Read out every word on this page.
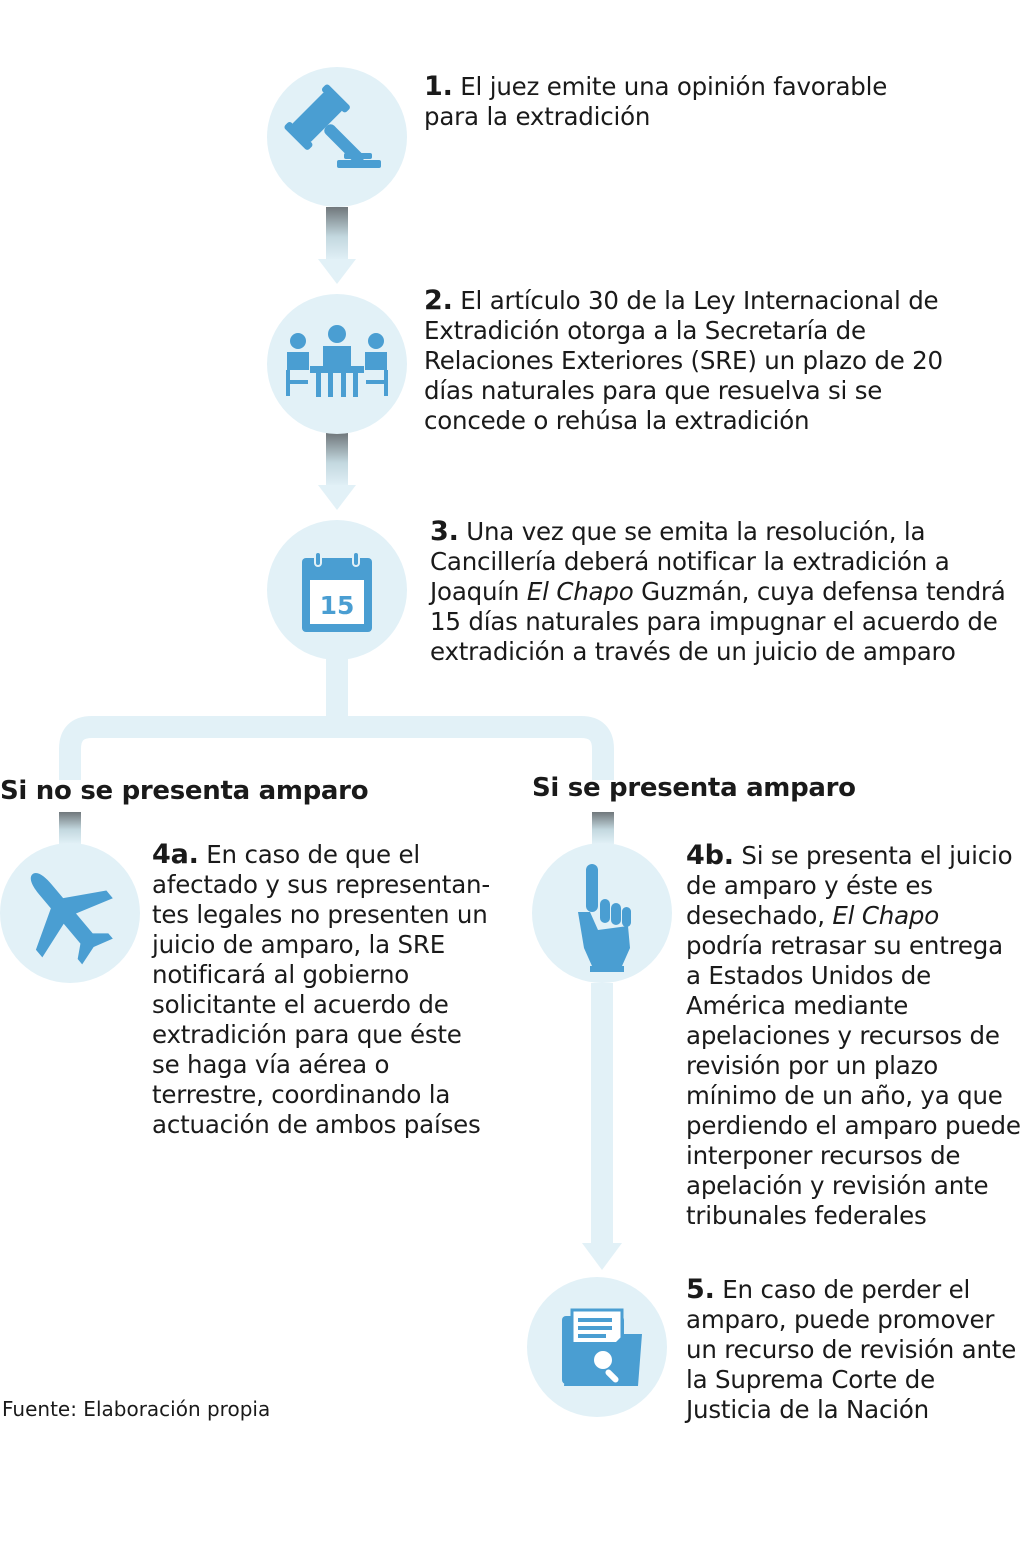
15
1. El juez emite una opinión favorable para la extradición
2. El artículo 30 de la Ley Internacional de Extradición otorga a la Secretaría de Relaciones Exteriores (SRE) un plazo de 20 días naturales para que resuelva si se concede o rehúsa la extradición
3. Una vez que se emita la resolución, la Cancillería deberá notificar la extradición a Joaquín El Chapo Guzmán, cuya defensa tendrá 15 días naturales para impugnar el acuerdo de extradición a través de un juicio de amparo
Si no se presenta amparo	Si se presenta amparo
4a. En caso de que el afectado y sus representan-tes legales no presenten un juicio de amparo, la SRE notificará al gobierno solicitante el acuerdo de extradición para que éste se haga vía aérea o terrestre, coordinando la actuación de ambos países
4b. Si se presenta el juicio de amparo y éste es desechado, El Chapo podría retrasar su entrega a Estados Unidos de América mediante apelaciones y recursos de revisión por un plazo mínimo de un año, ya que perdiendo el amparo puede interponer recursos de apelación y revisión ante tribunales federales
5. En caso de perder el amparo, puede promover un recurso de revisión ante la Suprema Corte de Justicia de la Nación
Fuente: Elaboración propia
